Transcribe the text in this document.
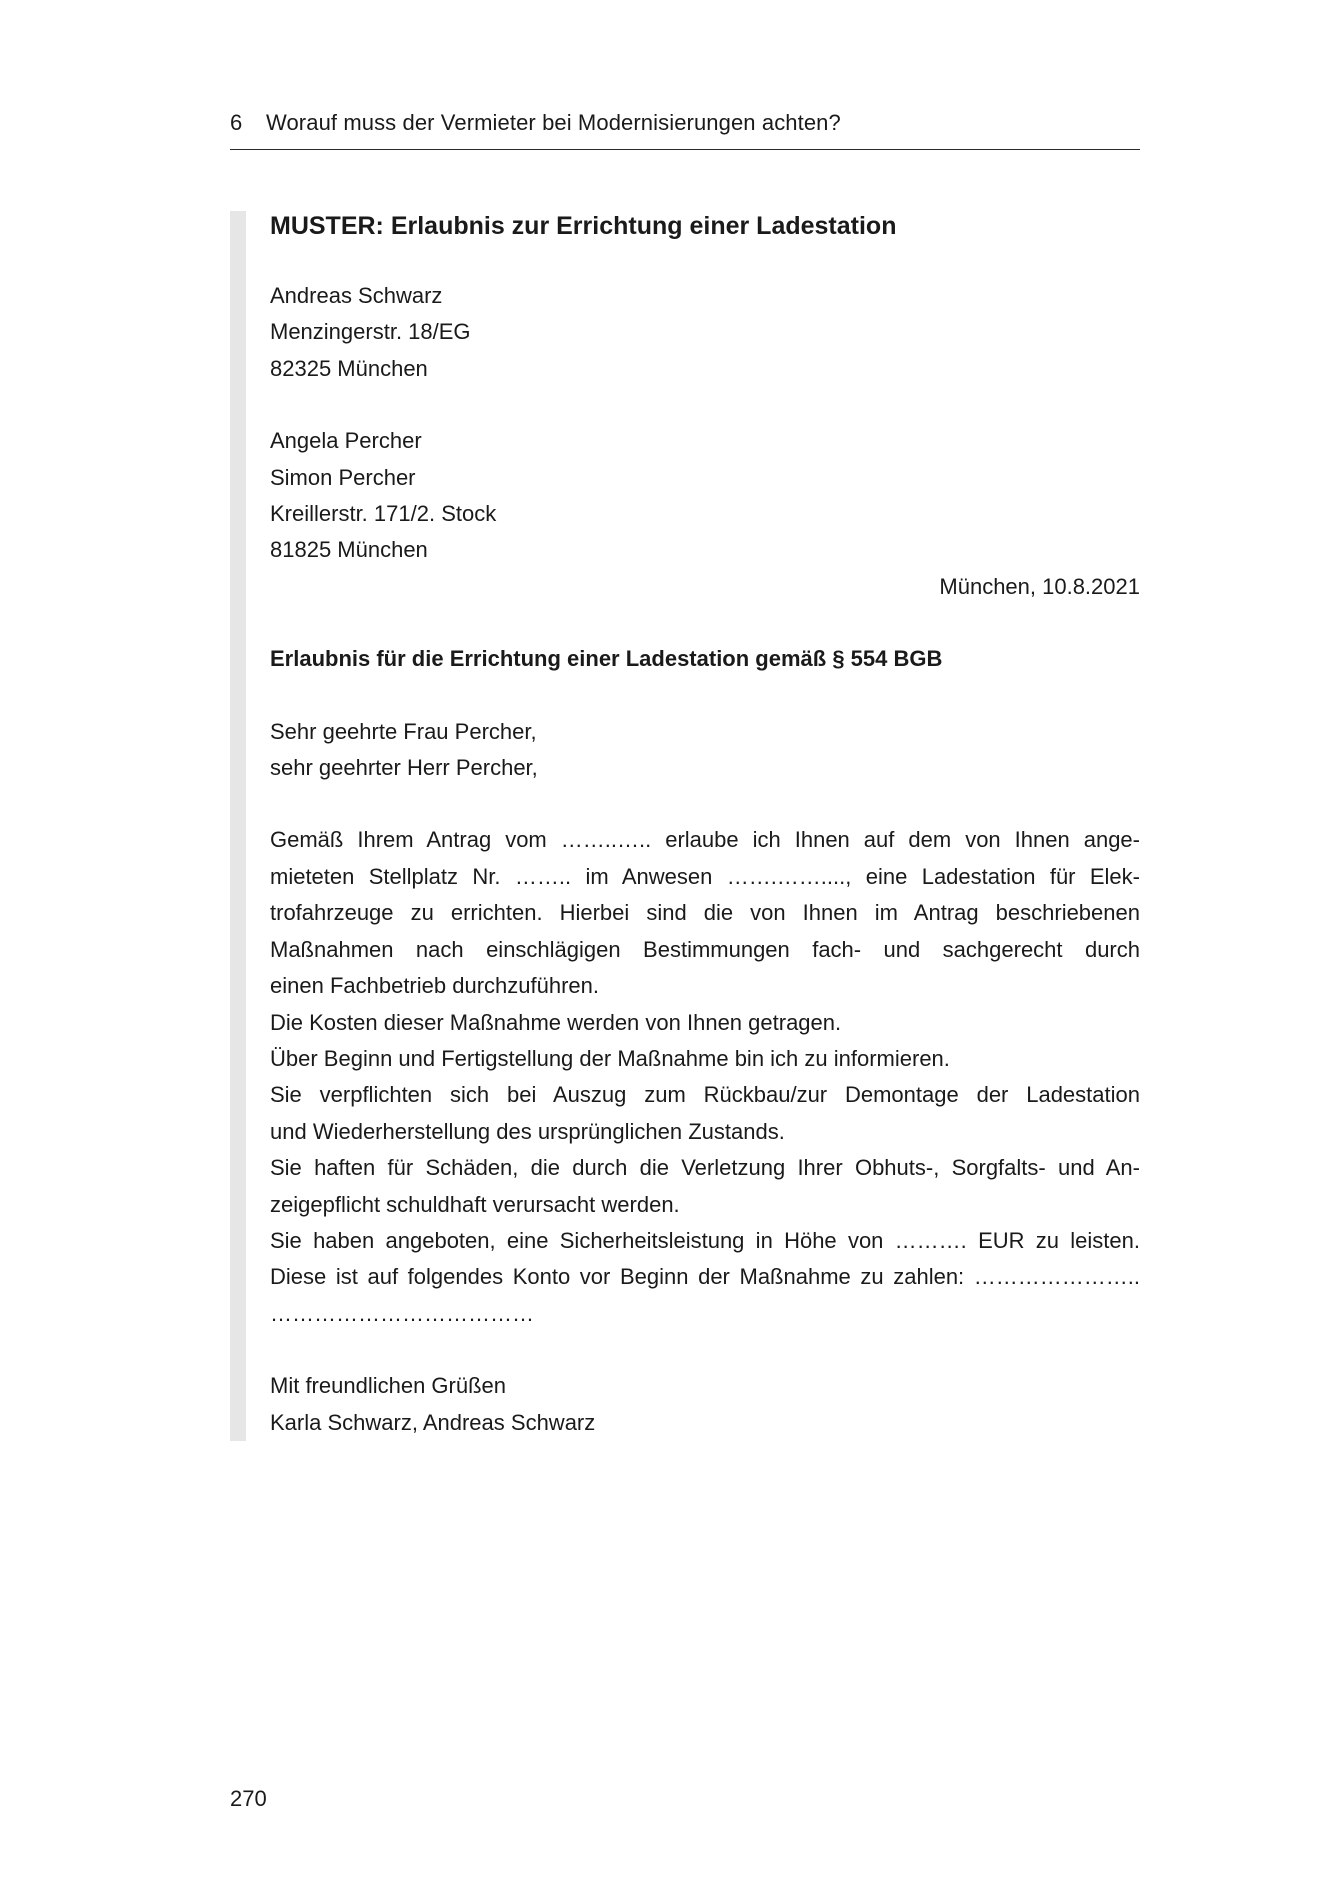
6 Worauf muss der Vermieter bei Modernisierungen achten?
MUSTER: Erlaubnis zur Errichtung einer Ladestation
Andreas Schwarz
Menzingerstr. 18/EG
82325 München
Angela Percher
Simon Percher
Kreillerstr. 171/2. Stock
81825 München
München, 10.8.2021
Erlaubnis für die Errichtung einer Ladestation gemäß § 554 BGB
Sehr geehrte Frau Percher,
sehr geehrter Herr Percher,
Gemäß Ihrem Antrag vom ……..….. erlaube ich Ihnen auf dem von Ihnen ange-
mieteten Stellplatz Nr. …….. im Anwesen …….……...., eine Ladestation für Elek-
trofahrzeuge zu errichten. Hierbei sind die von Ihnen im Antrag beschriebenen
Maßnahmen nach einschlägigen Bestimmungen fach- und sachgerecht durch
einen Fachbetrieb durchzuführen.
Die Kosten dieser Maßnahme werden von Ihnen getragen.
Über Beginn und Fertigstellung der Maßnahme bin ich zu informieren.
Sie verpflichten sich bei Auszug zum Rückbau/zur Demontage der Ladestation
und Wiederherstellung des ursprünglichen Zustands.
Sie haften für Schäden, die durch die Verletzung Ihrer Obhuts-, Sorgfalts- und An-
zeigepflicht schuldhaft verursacht werden.
Sie haben angeboten, eine Sicherheitsleistung in Höhe von ………. EUR zu leisten.
Diese ist auf folgendes Konto vor Beginn der Maßnahme zu zahlen: …………………..
………………………………
Mit freundlichen Grüßen
Karla Schwarz, Andreas Schwarz
270
